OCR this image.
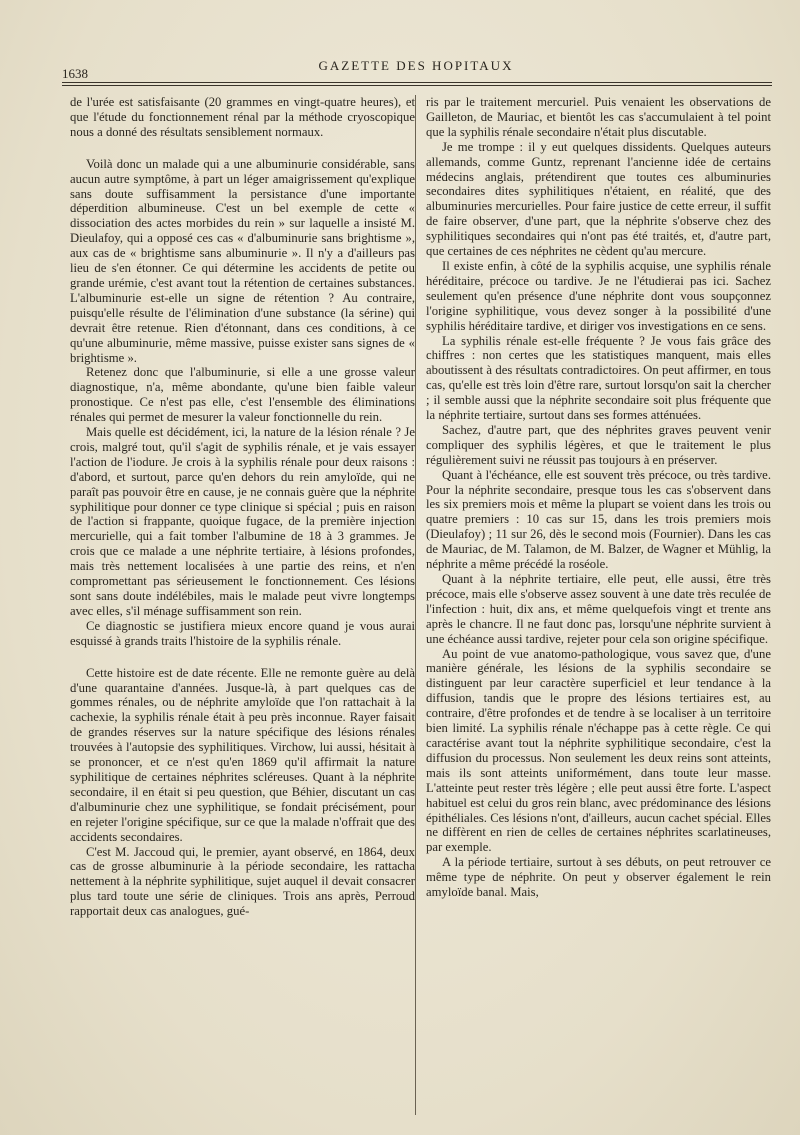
1638
GAZETTE DES HOPITAUX

de l'urée est satisfaisante (20 grammes en vingt-quatre heures), et que l'étude du fonctionnement rénal par la méthode cryoscopique nous a donné des résultats sensiblement normaux.

Voilà donc un malade qui a une albuminurie considérable, sans aucun autre symptôme, à part un léger amaigrissement qu'explique sans doute suffisamment la persistance d'une importante déperdition albumineuse. C'est un bel exemple de cette « dissociation des actes morbides du rein » sur laquelle a insisté M. Dieulafoy, qui a opposé ces cas « d'albuminurie sans brightisme », aux cas de « brightisme sans albuminurie ». Il n'y a d'ailleurs pas lieu de s'en étonner. Ce qui détermine les accidents de petite ou grande urémie, c'est avant tout la rétention de certaines substances. L'albuminurie est-elle un signe de rétention ? Au contraire, puisqu'elle résulte de l'élimination d'une substance (la sérine) qui devrait être retenue. Rien d'étonnant, dans ces conditions, à ce qu'une albuminurie, même massive, puisse exister sans signes de « brightisme ».

Retenez donc que l'albuminurie, si elle a une grosse valeur diagnostique, n'a, même abondante, qu'une bien faible valeur pronostique. Ce n'est pas elle, c'est l'ensemble des éliminations rénales qui permet de mesurer la valeur fonctionnelle du rein.

Mais quelle est décidément, ici, la nature de la lésion rénale ? Je crois, malgré tout, qu'il s'agit de syphilis rénale, et je vais essayer l'action de l'iodure. Je crois à la syphilis rénale pour deux raisons : d'abord, et surtout, parce qu'en dehors du rein amyloïde, qui ne paraît pas pouvoir être en cause, je ne connais guère que la néphrite syphilitique pour donner ce type clinique si spécial ; puis en raison de l'action si frappante, quoique fugace, de la première injection mercurielle, qui a fait tomber l'albumine de 18 à 3 grammes. Je crois que ce malade a une néphrite tertiaire, à lésions profondes, mais très nettement localisées à une partie des reins, et n'en compromettant pas sérieusement le fonctionnement. Ces lésions sont sans doute indélébiles, mais le malade peut vivre longtemps avec elles, s'il ménage suffisamment son rein.

Ce diagnostic se justifiera mieux encore quand je vous aurai esquissé à grands traits l'histoire de la syphilis rénale.

Cette histoire est de date récente. Elle ne remonte guère au delà d'une quarantaine d'années. Jusque-là, à part quelques cas de gommes rénales, ou de néphrite amyloïde que l'on rattachait à la cachexie, la syphilis rénale était à peu près inconnue. Rayer faisait de grandes réserves sur la nature spécifique des lésions rénales trouvées à l'autopsie des syphilitiques. Virchow, lui aussi, hésitait à se prononcer, et ce n'est qu'en 1869 qu'il affirmait la nature syphilitique de certaines néphrites scléreuses. Quant à la néphrite secondaire, il en était si peu question, que Béhier, discutant un cas d'albuminurie chez une syphilitique, se fondait précisément, pour en rejeter l'origine spécifique, sur ce que la malade n'offrait que des accidents secondaires.

C'est M. Jaccoud qui, le premier, ayant observé, en 1864, deux cas de grosse albuminurie à la période secondaire, les rattacha nettement à la néphrite syphilitique, sujet auquel il devait consacrer plus tard toute une série de cliniques. Trois ans après, Perroud rapportait deux cas analogues, gué-

ris par le traitement mercuriel. Puis venaient les observations de Gailleton, de Mauriac, et bientôt les cas s'accumulaient à tel point que la syphilis rénale secondaire n'était plus discutable.

Je me trompe : il y eut quelques dissidents. Quelques auteurs allemands, comme Guntz, reprenant l'ancienne idée de certains médecins anglais, prétendirent que toutes ces albuminuries secondaires dites syphilitiques n'étaient, en réalité, que des albuminuries mercurielles. Pour faire justice de cette erreur, il suffit de faire observer, d'une part, que la néphrite s'observe chez des syphilitiques secondaires qui n'ont pas été traités, et, d'autre part, que certaines de ces néphrites ne cèdent qu'au mercure.

Il existe enfin, à côté de la syphilis acquise, une syphilis rénale héréditaire, précoce ou tardive. Je ne l'étudierai pas ici. Sachez seulement qu'en présence d'une néphrite dont vous soupçonnez l'origine syphilitique, vous devez songer à la possibilité d'une syphilis héréditaire tardive, et diriger vos investigations en ce sens.

La syphilis rénale est-elle fréquente ? Je vous fais grâce des chiffres : non certes que les statistiques manquent, mais elles aboutissent à des résultats contradictoires. On peut affirmer, en tous cas, qu'elle est très loin d'être rare, surtout lorsqu'on sait la chercher ; il semble aussi que la néphrite secondaire soit plus fréquente que la néphrite tertiaire, surtout dans ses formes atténuées.

Sachez, d'autre part, que des néphrites graves peuvent venir compliquer des syphilis légères, et que le traitement le plus régulièrement suivi ne réussit pas toujours à en préserver.

Quant à l'échéance, elle est souvent très précoce, ou très tardive. Pour la néphrite secondaire, presque tous les cas s'observent dans les six premiers mois et même la plupart se voient dans les trois ou quatre premiers : 10 cas sur 15, dans les trois premiers mois (Dieulafoy) ; 11 sur 26, dès le second mois (Fournier). Dans les cas de Mauriac, de M. Talamon, de M. Balzer, de Wagner et Mühlig, la néphrite a même précédé la roséole.

Quant à la néphrite tertiaire, elle peut, elle aussi, être très précoce, mais elle s'observe assez souvent à une date très reculée de l'infection : huit, dix ans, et même quelquefois vingt et trente ans après le chancre. Il ne faut donc pas, lorsqu'une néphrite survient à une échéance aussi tardive, rejeter pour cela son origine spécifique.

Au point de vue anatomo-pathologique, vous savez que, d'une manière générale, les lésions de la syphilis secondaire se distinguent par leur caractère superficiel et leur tendance à la diffusion, tandis que le propre des lésions tertiaires est, au contraire, d'être profondes et de tendre à se localiser à un territoire bien limité. La syphilis rénale n'échappe pas à cette règle. Ce qui caractérise avant tout la néphrite syphilitique secondaire, c'est la diffusion du processus. Non seulement les deux reins sont atteints, mais ils sont atteints uniformément, dans toute leur masse. L'atteinte peut rester très légère ; elle peut aussi être forte. L'aspect habituel est celui du gros rein blanc, avec prédominance des lésions épithéliales. Ces lésions n'ont, d'ailleurs, aucun cachet spécial. Elles ne diffèrent en rien de celles de certaines néphrites scarlatineuses, par exemple.

A la période tertiaire, surtout à ses débuts, on peut retrouver ce même type de néphrite. On peut y observer également le rein amyloïde banal. Mais,
